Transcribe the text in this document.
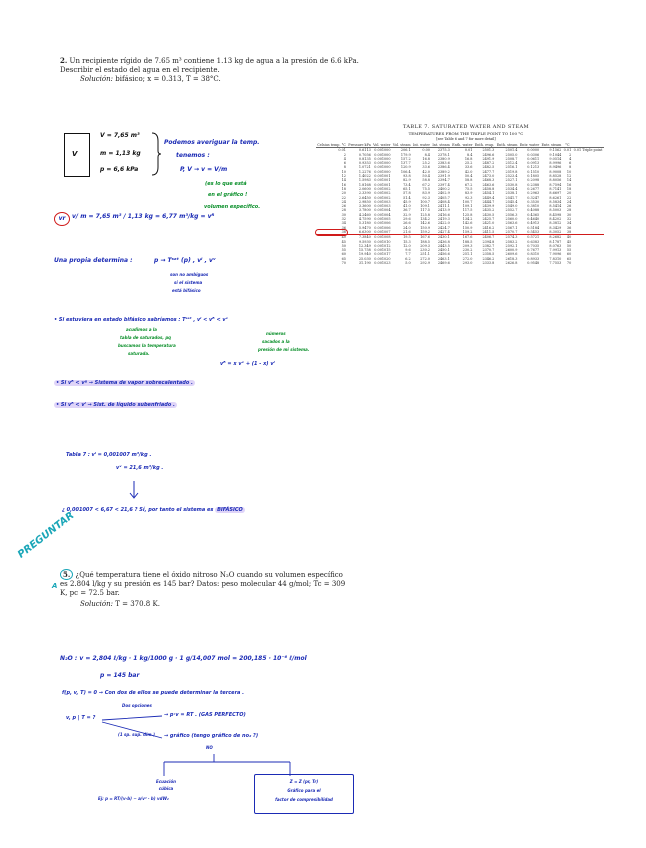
2. Un recipiente rígido de 7.65 m³ contiene 1.13 kg de agua a la presión de 6.6 kPa. Describir el estado del agua en el recipiente.
Solución: bifásico; x = 0.313, T = 38°C.
V
V = 7,65 m³
m = 1,13 kg
p = 6,6 kPa
Podemos averiguar la temp.
tenemos :
P, V → v = V/m
(es lo que está
en el gráfico !
volumen específico.
vr	v/ m = 7,65 m³ / 1,13 kg = 6,77 m³/kg = vᴿ
Una propia determina :	p → Tˢᵃᵗ (p) , vˡ , vᵛ
son no ambiguos
si el sistema
está bifásico
• Si estuviera en estado bifásico sabríamos : Tˢᵃᵗ , vˡ < vᴿ < vᵛ
acudimos a la
tabla de saturados, pq
buscamos la temperatura
saturada.
números
sacados a la
presión de mi sistema.
vᴿ = x vᵛ + (1 - x) vˡ
• Si vᴿ < vᵍ → Sistema de vapor sobrecalentado .
• Si vᴿ < vˡ → Sist. de líquido subenfriado .
Tabla 7 : vˡ = 0,001007 m³/kg .
vᵛ = 21,6 m³/kg .
¿ 0,001007 < 6,67 < 21,6 ? Sí, por tanto el sistema es BIFÁSICO
TABLE 7. SATURATED WATER AND STEAM
TEMPERATURES FROM THE TRIPLE POINT TO 100 °C
[see Table 6 and 7 for more detail]
Celsius temp. °C	Pressure kPa	Vol. water	Vol. steam	Int. water	Int. steam	Enth. water	Enth. evap.	Enth. steam	Entr. water	Entr. steam	°C	
0.01	0.6113	0.001000	206.1	0.00	2375.3	0.01	2501.3	2501.4	0.0000	9.1562	0.01	0.01 Triple point
2	0.7056	0.001000	179.9	8.4	2378.1	8.4	2496.6	2505.0	0.0306	9.1044	2	
4	0.8135	0.001000	157.2	16.8	2380.9	16.8	2491.9	2508.7	0.0611	9.0514	4	
6	0.9353	0.001000	137.7	25.2	2383.6	25.2	2487.2	2512.4	0.0913	8.9996	6	
8	1.0721	0.001000	120.9	33.6	2386.4	33.6	2482.5	2516.1	0.1213	8.9496	8	
10	1.2276	0.001000	106.4	42.0	2389.2	42.0	2477.7	2519.8	0.1510	8.9008	10	
12	1.4022	0.001001	93.8	50.4	2391.9	50.4	2473.0	2523.4	0.1805	8.8528	12	
14	1.5983	0.001001	82.9	58.8	2394.7	58.8	2468.3	2527.1	0.2098	8.8056	14	
16	1.8168	0.001001	73.4	67.2	2397.4	67.2	2463.6	2530.8	0.2388	8.7594	16	
18	2.0600	0.001002	65.1	75.5	2400.2	75.5	2458.8	2534.4	0.2677	8.7141	18	
20	2.3390	0.001002	57.8	83.9	2402.9	83.9	2454.1	2538.1	0.2963	8.6697	20	
22	2.6450	0.001002	51.4	92.3	2405.7	92.3	2449.4	2541.7	0.3247	8.6261	22	
24	2.9850	0.001003	45.9	100.7	2408.4	100.7	2444.7	2545.4	0.3530	8.5834	24	
26	3.3600	0.001003	41.0	109.1	2411.1	109.1	2439.9	2549.0	0.3810	8.5414	26	
28	3.7800	0.001004	36.7	117.5	2413.9	117.5	2435.2	2552.7	0.4088	8.5003	28	
30	4.2460	0.001004	32.9	125.8	2416.6	125.8	2430.5	2556.3	0.4365	8.4598	30	
32	4.7590	0.001005	29.6	134.2	2419.3	134.2	2425.7	2560.0	0.4640	8.4202	32	
34	5.3180	0.001006	26.6	142.6	2422.0	142.6	2421.0	2563.6	0.4913	8.3812	34	
36	5.9470	0.001006	24.0	150.9	2424.7	150.9	2416.2	2567.1	0.5184	8.3429	36	
38	6.6300	0.001007	21.6	159.2	2427.4	159.2	2411.5	2570.7	0.5453	8.3052	38	
40	7.3840	0.001008	19.5	167.6	2430.1	167.6	2406.7	2574.3	0.5721	8.2682	40	
45	9.5930	0.001010	15.3	188.5	2436.8	188.5	2394.8	2583.2	0.6383	8.1787	45	
50	12.349	0.001012	12.0	209.3	2443.5	209.3	2382.7	2592.1	0.7035	8.0763	50	
55	15.758	0.001015	9.6	230.2	2450.1	230.2	2370.7	2600.9	0.7677	7.9913	55	
60	19.940	0.001017	7.7	251.1	2456.6	251.1	2358.5	2609.6	0.8310	7.9096	60	
65	25.030	0.001020	6.2	272.0	2463.1	272.0	2346.2	2618.3	0.8933	7.8310	65	
70	31.190	0.001023	5.0	292.9	2469.6	293.0	2333.8	2626.8	0.9548	7.7553	70	
PREGUNTAR
A
5. ¿Qué temperatura tiene el óxido nitroso N₂O cuando su volumen específico es 2.804 l/kg y su presión es 145 bar? Datos: peso molecular 44 g/mol; Tc = 309 K, pc = 72.5 bar.
Solución: T = 370.8 K.
N₂O : v = 2,804 ℓ/kg · 1 kg/1000 g · 1 g/14,007 mol = 200,185 · 10⁻⁶ ℓ/mol
p = 145 bar
f(p, v, T) = 0 → Con dos de ellos se puede determinar la tercera .
Dos opciones
v, p | T = ?	→ p·v = RT . (GAS PERFECTO)
→ gráfico (tengo gráfico de no₂ ?)
(1 sp. sup. dim.)
NO
Ecuación
cúbica
Ej: p = RT/(v-b) − a/v² · b) vdW₂
Z = Z (pr, Tr)
Gráfico para el
factor de compresibilidad
